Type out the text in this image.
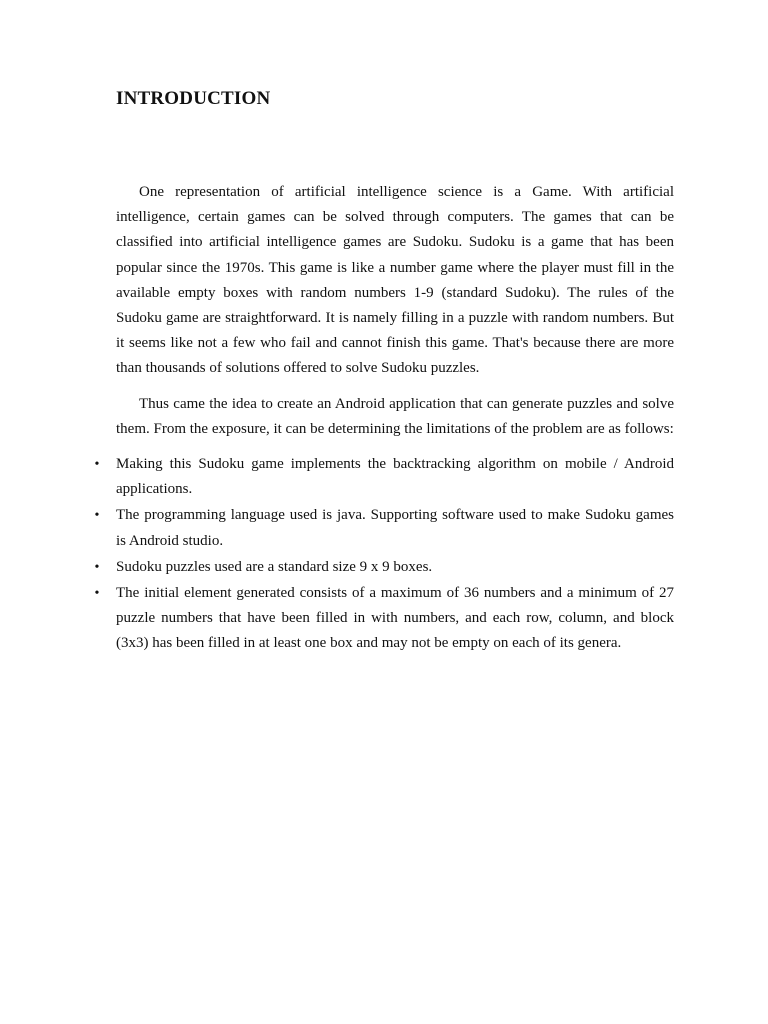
INTRODUCTION

One representation of artificial intelligence science is a Game. With artificial intelligence, certain games can be solved through computers. The games that can be classified into artificial intelligence games are Sudoku. Sudoku is a game that has been popular since the 1970s. This game is like a number game where the player must fill in the available empty boxes with random numbers 1-9 (standard Sudoku). The rules of the Sudoku game are straightforward. It is namely filling in a puzzle with random numbers. But it seems like not a few who fail and cannot finish this game. That's because there are more than thousands of solutions offered to solve Sudoku puzzles.

Thus came the idea to create an Android application that can generate puzzles and solve them. From the exposure, it can be determining the limitations of the problem are as follows:

• Making this Sudoku game implements the backtracking algorithm on mobile / Android applications.
• The programming language used is java. Supporting software used to make Sudoku games is Android studio.
• Sudoku puzzles used are a standard size 9 x 9 boxes.
• The initial element generated consists of a maximum of 36 numbers and a minimum of 27 puzzle numbers that have been filled in with numbers, and each row, column, and block (3x3) has been filled in at least one box and may not be empty on each of its genera.
